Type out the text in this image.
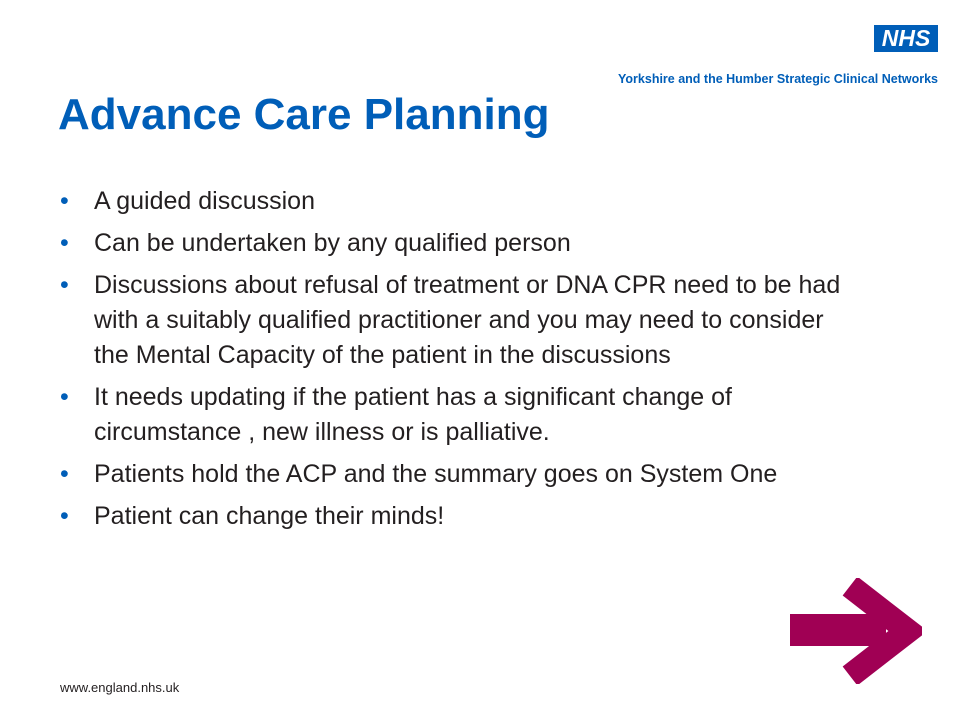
NHS
Yorkshire and the Humber Strategic Clinical Networks
Advance Care Planning
• A guided discussion
• Can be undertaken by any qualified person
• Discussions about refusal of treatment or DNA CPR need to be had with a suitably qualified practitioner and you may need to consider the Mental Capacity of the patient in the discussions
• It needs updating if the patient has a significant change of circumstance , new illness or is palliative.
• Patients hold the ACP and the summary goes on System One
• Patient can change their minds!
www.england.nhs.uk
